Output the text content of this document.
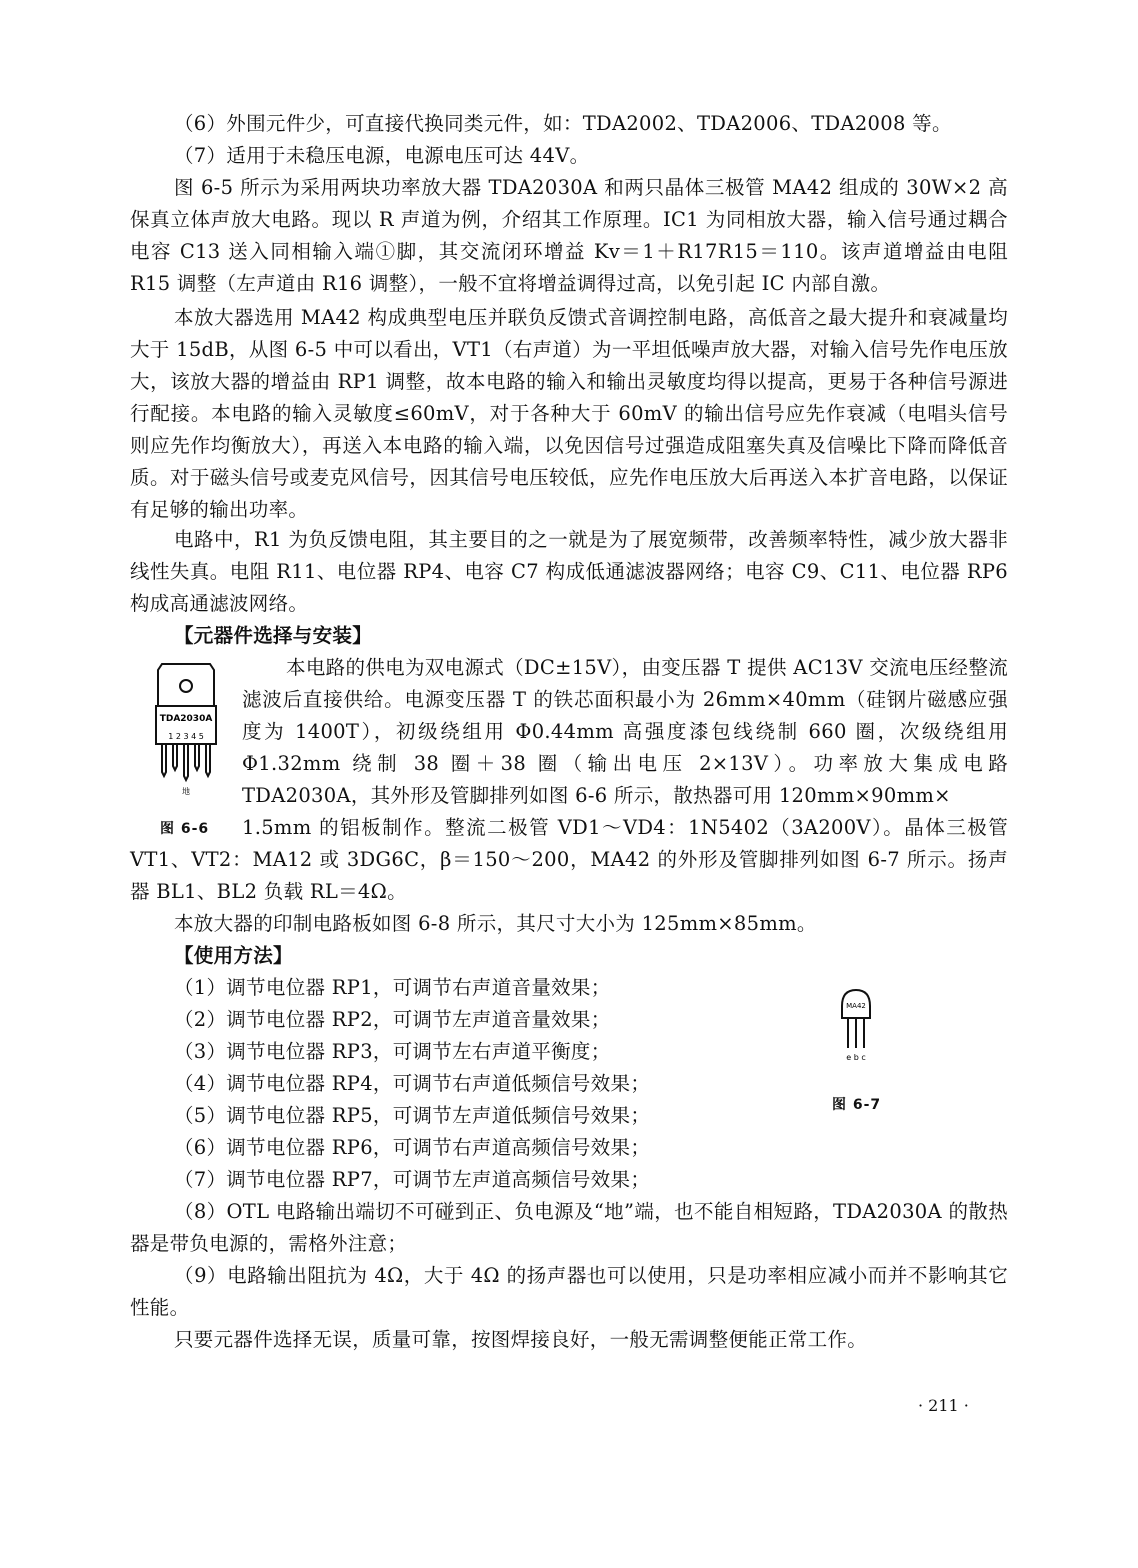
（6）外围元件少，可直接代换同类元件，如：TDA2002、TDA2006、TDA2008 等。

（7）适用于未稳压电源，电源电压可达 44V。

图 6-5 所示为采用两块功率放大器 TDA2030A 和两只晶体三极管 MA42 组成的 30W×2 高保真立体声放大电路。现以 R 声道为例，介绍其工作原理。IC1 为同相放大器，输入信号通过耦合电容 C13 送入同相输入端①脚，其交流闭环增益 Kv＝1＋R17R15＝110。该声道增益由电阻 R15 调整（左声道由 R16 调整），一般不宜将增益调得过高，以免引起 IC 内部自激。

本放大器选用 MA42 构成典型电压并联负反馈式音调控制电路，高低音之最大提升和衰减量均大于 15dB，从图 6-5 中可以看出，VT1（右声道）为一平坦低噪声放大器，对输入信号先作电压放大，该放大器的增益由 RP1 调整，故本电路的输入和输出灵敏度均得以提高，更易于各种信号源进行配接。本电路的输入灵敏度≤60mV，对于各种大于 60mV 的输出信号应先作衰减（电唱头信号则应先作均衡放大），再送入本电路的输入端，以免因信号过强造成阻塞失真及信噪比下降而降低音质。对于磁头信号或麦克风信号，因其信号电压较低，应先作电压放大后再送入本扩音电路，以保证有足够的输出功率。

电路中，R1 为负反馈电阻，其主要目的之一就是为了展宽频带，改善频率特性，减少放大器非线性失真。电阻 R11、电位器 RP4、电容 C7 构成低通滤波器网络；电容 C9、C11、电位器 RP6 构成高通滤波网络。

【元器件选择与安装】

本电路的供电为双电源式（DC±15V），由变压器 T 提供 AC13V 交流电压经整流滤波后直接供给。电源变压器 T 的铁芯面积最小为 26mm×40mm（硅钢片磁感应强度为 1400T），初级绕组用 Φ0.44mm 高强度漆包线绕制 660 圈，次级绕组用 Φ1.32mm 绕制 38 圈＋38 圈（输出电压 2×13V）。功率放大集成电路 TDA2030A，其外形及管脚排列如图 6-6 所示，散热器可用 120mm×90mm×

TDA2030A
1 2 3 4 5
地
图 6-6	1.5mm 的铝板制作。整流二极管 VD1～VD4：1N5402（3A200V）。晶体三极管 VT1、VT2：MA12 或 3DG6C，β＝150～200，MA42 的外形及管脚排列如图 6-7 所示。扬声器 BL1、BL2 负载 RL＝4Ω。

本放大器的印制电路板如图 6-8 所示，其尺寸大小为 125mm×85mm。

【使用方法】

（1）调节电位器 RP1，可调节右声道音量效果；

（2）调节电位器 RP2，可调节左声道音量效果；

（3）调节电位器 RP3，可调节左右声道平衡度；

（4）调节电位器 RP4，可调节右声道低频信号效果；

（5）调节电位器 RP5，可调节左声道低频信号效果；

（6）调节电位器 RP6，可调节右声道高频信号效果；

（7）调节电位器 RP7，可调节左声道高频信号效果；

MA42
e b c
图 6-7

（8）OTL 电路输出端切不可碰到正、负电源及“地”端，也不能自相短路，TDA2030A 的散热器是带负电源的，需格外注意；

（9）电路输出阻抗为 4Ω，大于 4Ω 的扬声器也可以使用，只是功率相应减小而并不影响其它性能。

只要元器件选择无误，质量可靠，按图焊接良好，一般无需调整便能正常工作。

· 211 ·
